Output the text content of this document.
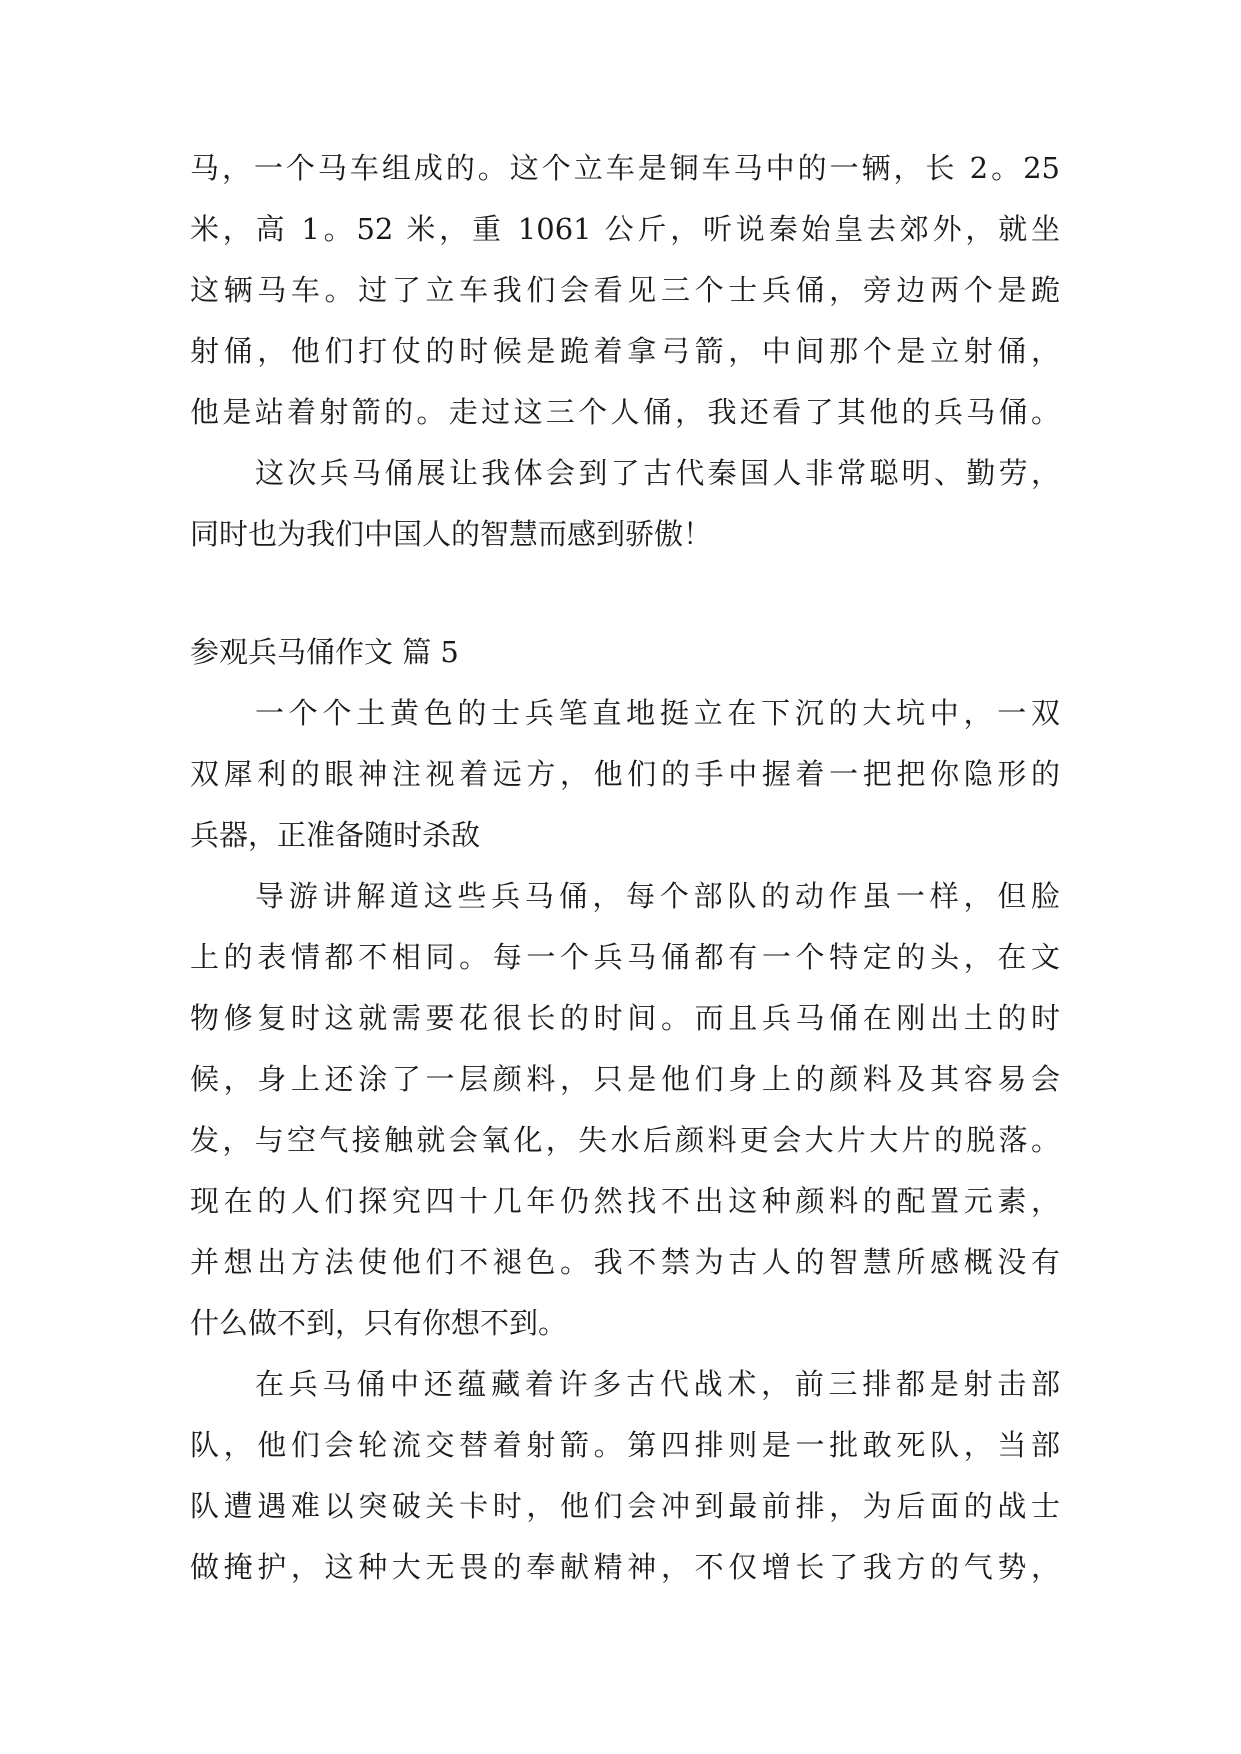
马，一个马车组成的。这个立车是铜车马中的一辆，长 2。25
米，高 1。52 米，重 1061 公斤，听说秦始皇去郊外，就坐
这辆马车。过了立车我们会看见三个士兵俑，旁边两个是跪
射俑，他们打仗的时候是跪着拿弓箭，中间那个是立射俑，
他是站着射箭的。走过这三个人俑，我还看了其他的兵马俑。
这次兵马俑展让我体会到了古代秦国人非常聪明、勤劳，
同时也为我们中国人的智慧而感到骄傲！
参观兵马俑作文 篇 5
一个个土黄色的士兵笔直地挺立在下沉的大坑中，一双
双犀利的眼神注视着远方，他们的手中握着一把把你隐形的
兵器，正准备随时杀敌
导游讲解道这些兵马俑，每个部队的动作虽一样，但脸
上的表情都不相同。每一个兵马俑都有一个特定的头，在文
物修复时这就需要花很长的时间。而且兵马俑在刚出土的时
候，身上还涂了一层颜料，只是他们身上的颜料及其容易会
发，与空气接触就会氧化，失水后颜料更会大片大片的脱落。
现在的人们探究四十几年仍然找不出这种颜料的配置元素，
并想出方法使他们不褪色。我不禁为古人的智慧所感概没有
什么做不到，只有你想不到。
在兵马俑中还蕴藏着许多古代战术，前三排都是射击部
队，他们会轮流交替着射箭。第四排则是一批敢死队，当部
队遭遇难以突破关卡时，他们会冲到最前排，为后面的战士
做掩护，这种大无畏的奉献精神，不仅增长了我方的气势，
